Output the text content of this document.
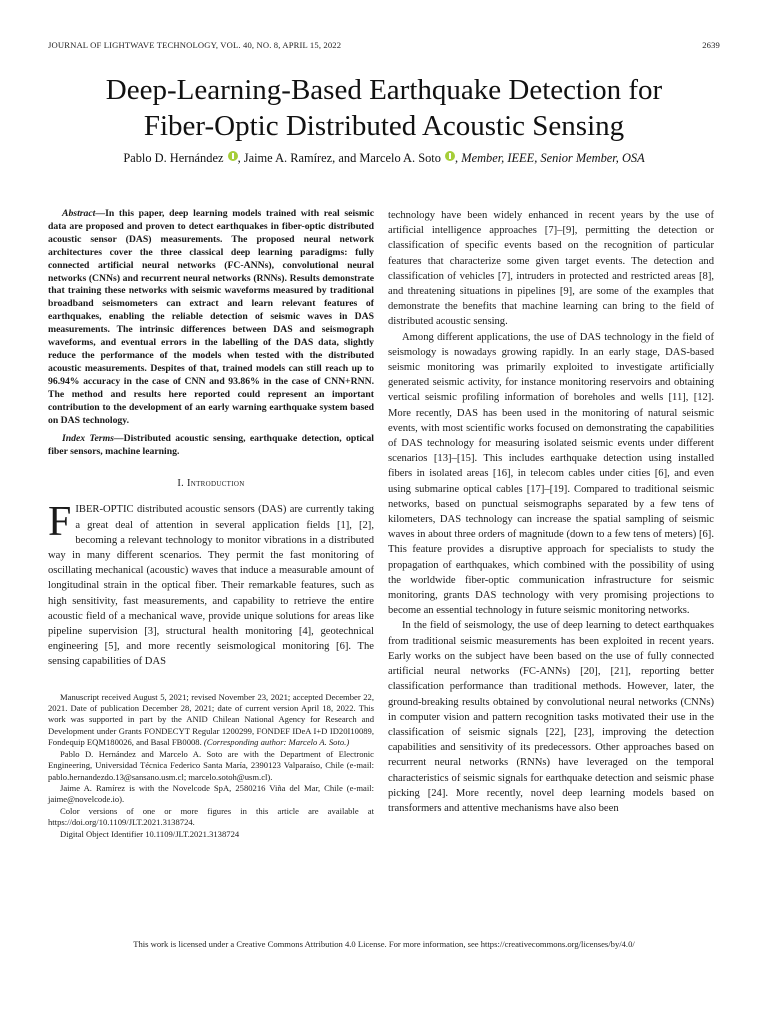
JOURNAL OF LIGHTWAVE TECHNOLOGY, VOL. 40, NO. 8, APRIL 15, 2022	2639
Deep-Learning-Based Earthquake Detection for
Fiber-Optic Distributed Acoustic Sensing
Pablo D. Hernández , Jaime A. Ramírez, and Marcelo A. Soto , Member, IEEE, Senior Member, OSA

Abstract—In this paper, deep learning models trained with real seismic data are proposed and proven to detect earthquakes in fiber-optic distributed acoustic sensor (DAS) measurements. The proposed neural network architectures cover the three classical deep learning paradigms: fully connected artificial neural networks (FC-ANNs), convolutional neural networks (CNNs) and recurrent neural networks (RNNs). Results demonstrate that training these networks with seismic waveforms measured by traditional broadband seismometers can extract and learn relevant features of earthquakes, enabling the reliable detection of seismic waves in DAS measurements. The intrinsic differences between DAS and seismograph waveforms, and eventual errors in the labelling of the DAS data, slightly reduce the performance of the models when tested with the distributed acoustic measurements. Despites of that, trained models can still reach up to 96.94% accuracy in the case of CNN and 93.86% in the case of CNN+RNN. The method and results here reported could represent an important contribution to the development of an early warning earthquake system based on DAS technology.

Index Terms—Distributed acoustic sensing, earthquake detection, optical fiber sensors, machine learning.

I. Introduction

FIBER-OPTIC distributed acoustic sensors (DAS) are currently taking a great deal of attention in several application fields [1], [2], becoming a relevant technology to monitor vibrations in a distributed way in many different scenarios. They permit the fast monitoring of oscillating mechanical (acoustic) waves that induce a measurable amount of longitudinal strain in the optical fiber. Their remarkable features, such as high sensitivity, fast measurements, and capability to retrieve the entire acoustic field of a mechanical wave, provide unique solutions for areas like pipeline supervision [3], structural health monitoring [4], geotechnical engineering [5], and more recently seismological monitoring [6]. The sensing capabilities of DAS

Manuscript received August 5, 2021; revised November 23, 2021; accepted December 22, 2021. Date of publication December 28, 2021; date of current version April 18, 2022. This work was supported in part by the ANID Chilean National Agency for Research and Development under Grants FONDECYT Regular 1200299, FONDEF IDeA I+D ID20I10089, Fondequip EQM180026, and Basal FB0008. (Corresponding author: Marcelo A. Soto.)

Pablo D. Hernández and Marcelo A. Soto are with the Department of Electronic Engineering, Universidad Técnica Federico Santa María, 2390123 Valparaíso, Chile (e-mail: pablo.hernandezdo.13@sansano.usm.cl; marcelo.sotoh@usm.cl).

Jaime A. Ramírez is with the Novelcode SpA, 2580216 Viña del Mar, Chile (e-mail: jaime@novelcode.io).

Color versions of one or more figures in this article are available at https://doi.org/10.1109/JLT.2021.3138724.

Digital Object Identifier 10.1109/JLT.2021.3138724

technology have been widely enhanced in recent years by the use of artificial intelligence approaches [7]–[9], permitting the detection or classification of specific events based on the recognition of particular features that characterize some given target events. The detection and classification of vehicles [7], intruders in protected and restricted areas [8], and threatening situations in pipelines [9], are some of the examples that demonstrate the benefits that machine learning can bring to the field of distributed acoustic sensing.

Among different applications, the use of DAS technology in the field of seismology is nowadays growing rapidly. In an early stage, DAS-based seismic monitoring was primarily exploited to investigate artificially generated seismic activity, for instance monitoring reservoirs and obtaining vertical seismic profiling information of boreholes and wells [11], [12]. More recently, DAS has been used in the monitoring of natural seismic events, with most scientific works focused on demonstrating the capabilities of DAS technology for measuring isolated seismic events under different scenarios [13]–[15]. This includes earthquake detection using installed fibers in isolated areas [16], in telecom cables under cities [6], and even using submarine optical cables [17]–[19]. Compared to traditional seismic networks, based on punctual seismographs separated by a few tens of kilometers, DAS technology can increase the spatial sampling of seismic waves in about three orders of magnitude (down to a few tens of meters) [6]. This feature provides a disruptive approach for specialists to study the propagation of earthquakes, which combined with the possibility of using the worldwide fiber-optic communication infrastructure for seismic monitoring, grants DAS technology with very promising projections to become an essential technology in future seismic monitoring networks.

In the field of seismology, the use of deep learning to detect earthquakes from traditional seismic measurements has been exploited in recent years. Early works on the subject have been based on the use of fully connected artificial neural networks (FC-ANNs) [20], [21], reporting better classification performance than traditional methods. However, later, the ground-breaking results obtained by convolutional neural networks (CNNs) in computer vision and pattern recognition tasks motivated their use in the classification of seismic signals [22], [23], improving the detection capabilities and sensitivity of its predecessors. Other approaches based on recurrent neural networks (RNNs) have leveraged on the temporal characteristics of seismic signals for earthquake detection and seismic phase picking [24]. More recently, novel deep learning models based on transformers and attentive mechanisms have also been

This work is licensed under a Creative Commons Attribution 4.0 License. For more information, see https://creativecommons.org/licenses/by/4.0/
